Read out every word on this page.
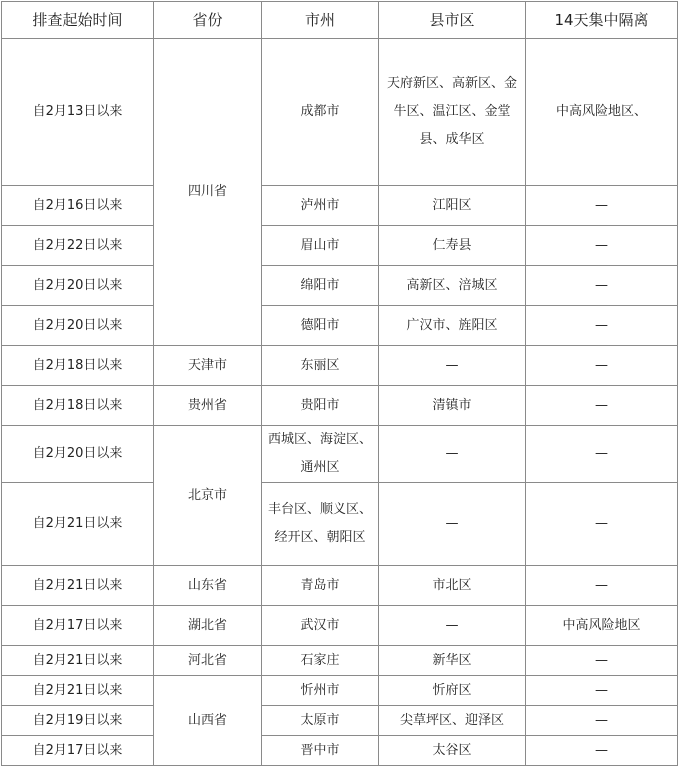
排查起始时间	省份	市州	县市区	14天集中隔离
自2月13日以来	四川省	成都市	天府新区、高新区、金牛区、温江区、金堂县、成华区	中高风险地区、
自2月16日以来		泸州市	江阳区	—
自2月22日以来		眉山市	仁寿县	—
自2月20日以来		绵阳市	高新区、涪城区	—
自2月20日以来		德阳市	广汉市、旌阳区	—
自2月18日以来	天津市	东丽区	—	—
自2月18日以来	贵州省	贵阳市	清镇市	—
自2月20日以来	北京市	西城区、海淀区、通州区	—	—
自2月21日以来		丰台区、顺义区、经开区、朝阳区	—	—
自2月21日以来	山东省	青岛市	市北区	—
自2月17日以来	湖北省	武汉市	—	中高风险地区
自2月21日以来	河北省	石家庄	新华区	—
自2月21日以来	山西省	忻州市	忻府区	—
自2月19日以来		太原市	尖草坪区、迎泽区	—
自2月17日以来		晋中市	太谷区	—
